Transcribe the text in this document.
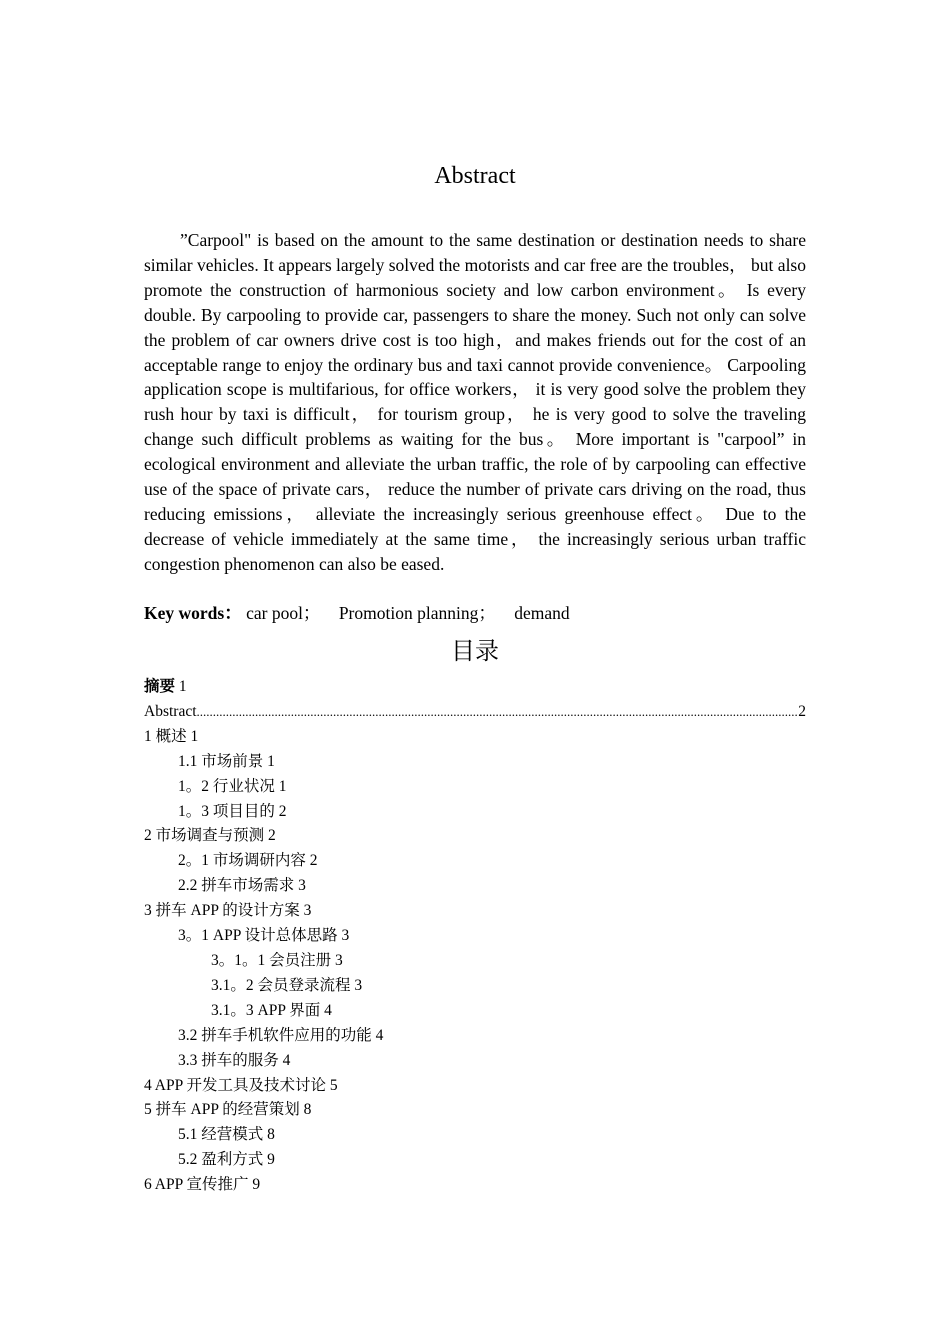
Abstract

”Carpool" is based on the amount to the same destination or destination needs to share similar vehicles. It appears largely solved the motorists and car free are the troubles， but also promote the construction of harmonious society and low carbon environment。 Is every double. By carpooling to provide car, passengers to share the money. Such not only can solve the problem of car owners drive cost is too high，and makes friends out for the cost of an acceptable range to enjoy the ordinary bus and taxi cannot provide convenience。 Carpooling application scope is multifarious, for office workers， it is very good solve the problem they rush hour by taxi is difficult， for tourism group， he is very good to solve the traveling change such difficult problems as waiting for the bus。 More important is "carpool” in ecological environment and alleviate the urban traffic, the role of by carpooling can effective use of the space of private cars， reduce the number of private cars driving on the road, thus reducing emissions， alleviate the increasingly serious greenhouse effect。 Due to the decrease of vehicle immediately at the same time， the increasingly serious urban traffic congestion phenomenon can also be eased.

Key words： car pool； Promotion planning； demand
目录
摘要 1
Abstract
.....	2
1 概述 1
1.1 市场前景 1
1。2 行业状况 1
1。3 项目目的 2
2 市场调查与预测 2
2。1 市场调研内容 2
2.2 拼车市场需求 3
3 拼车 APP 的设计方案 3
3。1 APP 设计总体思路 3
3。1。1 会员注册 3
3.1。2 会员登录流程 3
3.1。3 APP 界面 4
3.2 拼车手机软件应用的功能 4
3.3 拼车的服务 4
4 APP 开发工具及技术讨论 5
5 拼车 APP 的经营策划 8
5.1 经营模式 8
5.2 盈利方式 9
6 APP 宣传推广 9
